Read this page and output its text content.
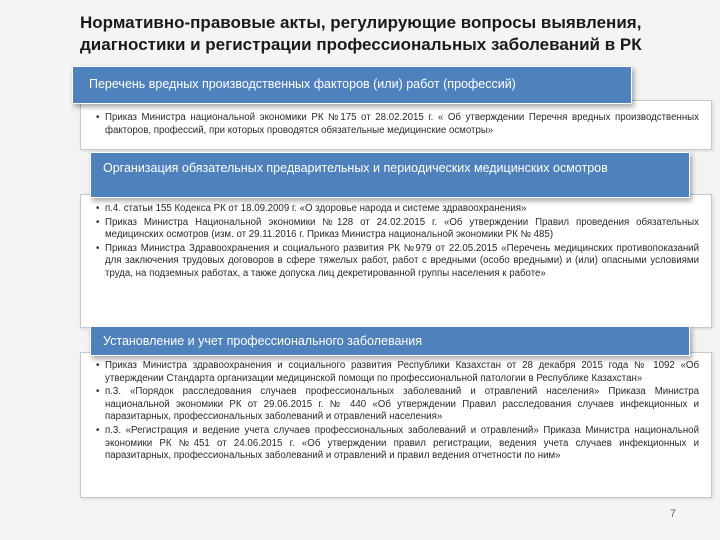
Нормативно-правовые акты, регулирующие вопросы выявления, диагностики и регистрации профессиональных заболеваний в РК
• Приказ Министра национальной экономики РК №175 от 28.02.2015 г. « Об утверждении Перечня вредных производственных факторов, профессий, при которых проводятся обязательные медицинские осмотры»
Перечень вредных производственных факторов (или) работ (профессий)
• п.4. статьи 155 Кодекса РК от 18.09.2009 г. «О здоровье народа и системе здравоохранения»
• Приказ Министра Национальной экономики №128 от 24.02.2015 г. «Об утверждении Правил проведения обязательных медицинских осмотров (изм. от 29.11.2016 г. Приказ Министра национальной экономики РК № 485)
• Приказ Министра Здравоохранения и социального развития РК №979 от 22.05.2015 «Перечень медицинских противопоказаний для заключения трудовых договоров в сфере тяжелых работ, работ с вредными (особо вредными) и (или) опасными условиями труда, на подземных работах, а также допуска лиц декретированной группы населения к работе»
Организация обязательных предварительных и периодических медицинских осмотров
• Приказ Министра здравоохранения и социального развития Республики Казахстан от 28 декабря 2015 года № 1092 «Об утверждении Стандарта организации медицинской помощи по профессиональной патологии в Республике Казахстан»
• п.3. «Порядок расследования случаев профессиональных заболеваний и отравлений населения» Приказа Министра национальной экономики РК от 29.06.2015 г. № 440 «Об утверждении Правил расследования случаев инфекционных и паразитарных, профессиональных заболеваний и отравлений населения»
• п.3. «Регистрация и ведение учета случаев профессиональных заболеваний и отравлений» Приказа Министра национальной экономики РК №451 от 24.06.2015 г. «Об утверждении правил регистрации, ведения учета случаев инфекционных и паразитарных, профессиональных заболеваний и отравлений и правил ведения отчетности по ним»
Установление и учет профессионального заболевания
7
